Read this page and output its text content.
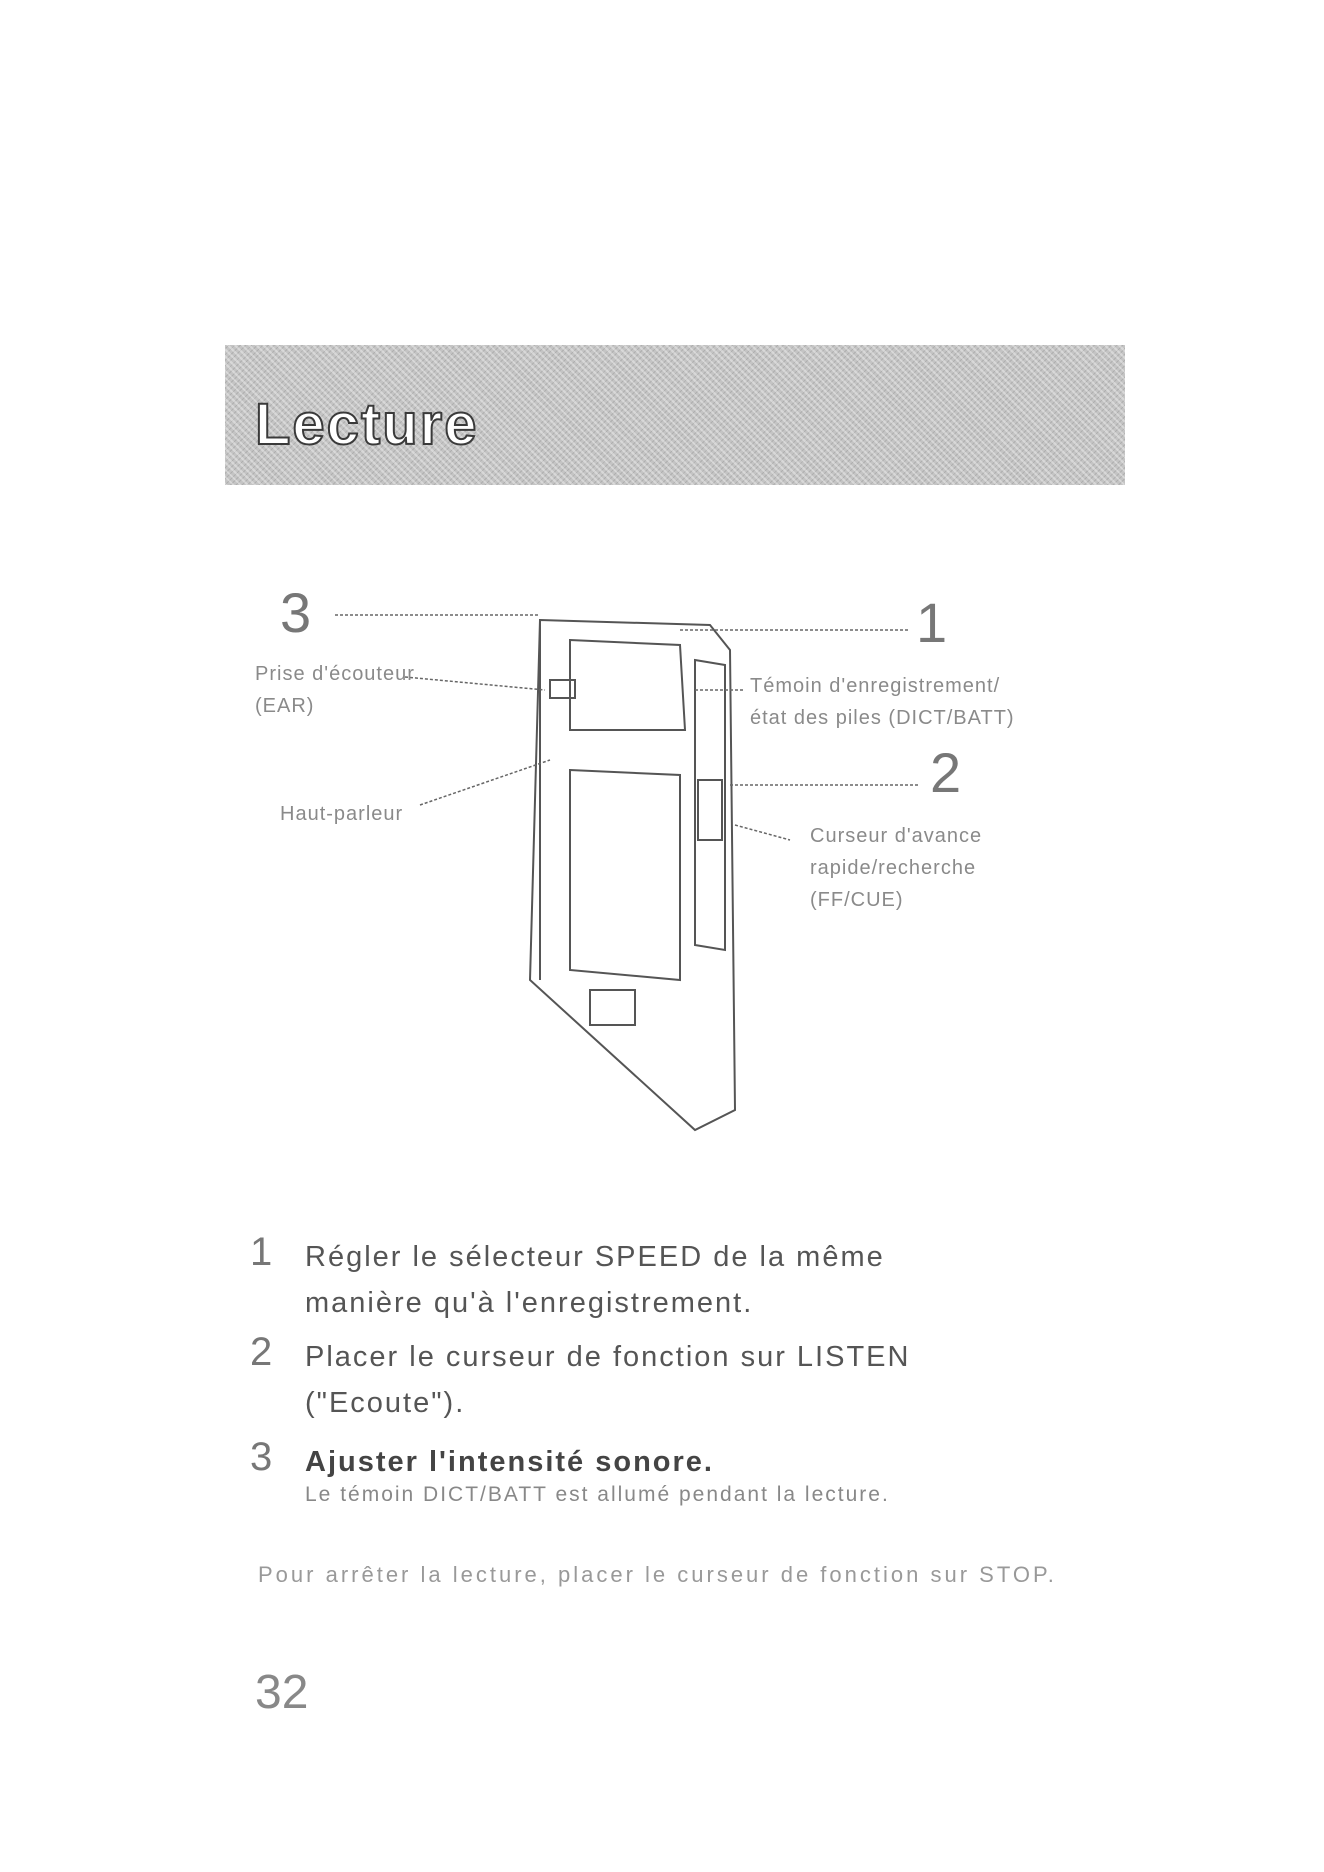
Lecture
3
Prise d'écouteur
(EAR)
1
Témoin d'enregistrement/
état des piles (DICT/BATT)
2
Curseur d'avance
rapide/recherche
(FF/CUE)
Haut-parleur
1 Régler le sélecteur SPEED de la même
manière qu'à l'enregistrement.
2 Placer le curseur de fonction sur LISTEN
("Ecoute").
3 Ajuster l'intensité sonore.
Le témoin DICT/BATT est allumé pendant la lecture.
Pour arrêter la lecture, placer le curseur de fonction sur STOP.
32
